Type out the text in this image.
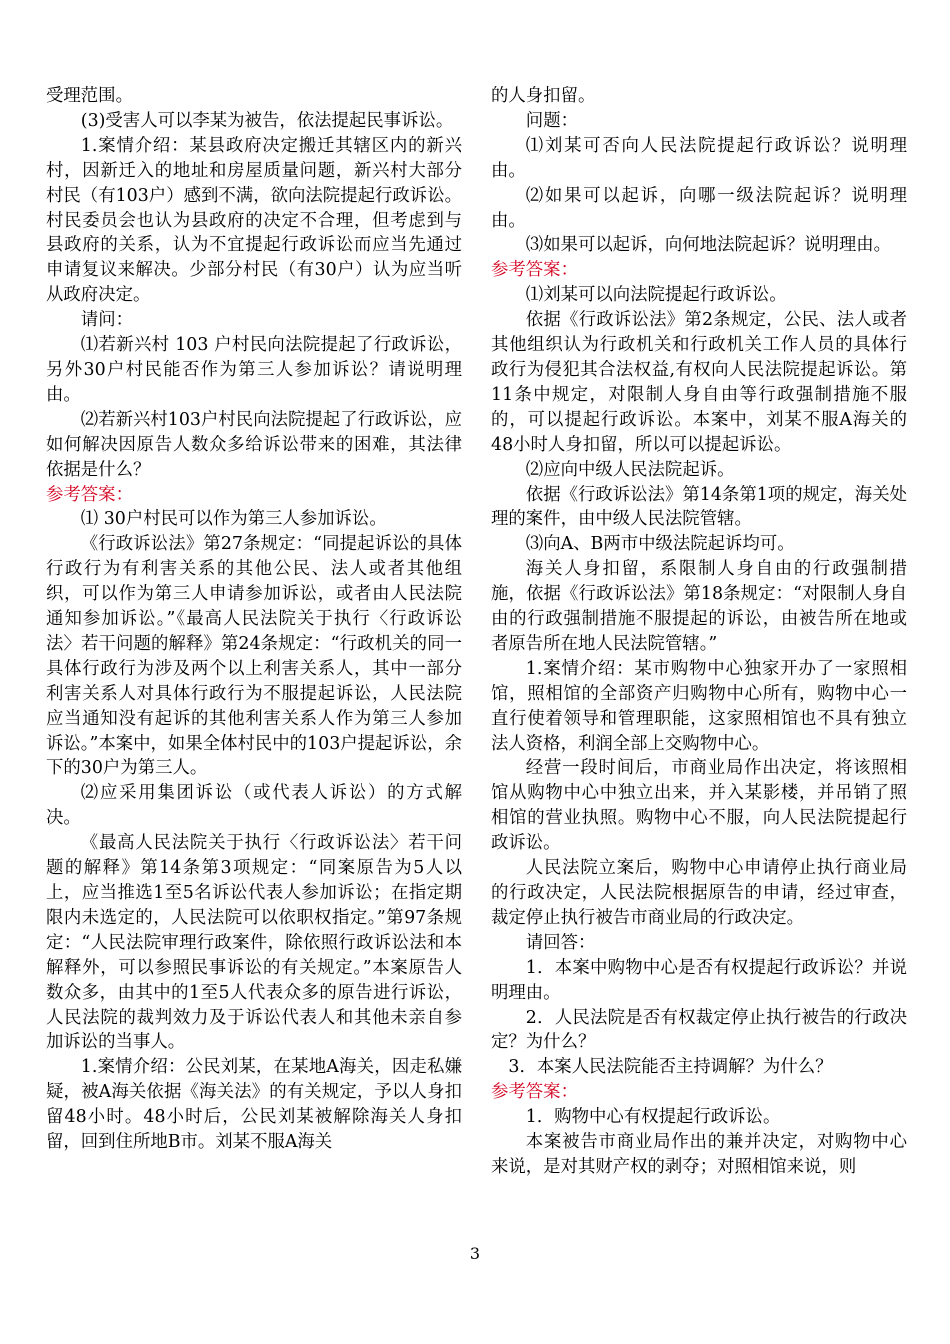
受理范围。

(3)受害人可以李某为被告，依法提起民事诉讼。

1.案情介绍：某县政府决定搬迁其辖区内的新兴村，因新迁入的地址和房屋质量问题，新兴村大部分村民（有103户）感到不满，欲向法院提起行政诉讼。村民委员会也认为县政府的决定不合理，但考虑到与县政府的关系，认为不宜提起行政诉讼而应当先通过申请复议来解决。少部分村民（有30户）认为应当听从政府决定。

请问：

⑴若新兴村 103 户村民向法院提起了行政诉讼，另外30户村民能否作为第三人参加诉讼？请说明理由。

⑵若新兴村103户村民向法院提起了行政诉讼，应如何解决因原告人数众多给诉讼带来的困难，其法律依据是什么？

参考答案：

⑴ 30户村民可以作为第三人参加诉讼。

《行政诉讼法》第27条规定：“同提起诉讼的具体行政行为有利害关系的其他公民、法人或者其他组织，可以作为第三人申请参加诉讼，或者由人民法院通知参加诉讼。”《最高人民法院关于执行〈行政诉讼法〉若干问题的解释》第24条规定：“行政机关的同一具体行政行为涉及两个以上利害关系人，其中一部分利害关系人对具体行政行为不服提起诉讼，人民法院应当通知没有起诉的其他利害关系人作为第三人参加诉讼。”本案中，如果全体村民中的103户提起诉讼，余下的30户为第三人。

⑵应采用集团诉讼（或代表人诉讼）的方式解决。

《最高人民法院关于执行〈行政诉讼法〉若干问题的解释》第14条第3项规定：“同案原告为5人以上，应当推选1至5名诉讼代表人参加诉讼；在指定期限内未选定的，人民法院可以依职权指定。”第97条规定：“人民法院审理行政案件，除依照行政诉讼法和本解释外，可以参照民事诉讼的有关规定。”本案原告人数众多，由其中的1至5人代表众多的原告进行诉讼，人民法院的裁判效力及于诉讼代表人和其他未亲自参加诉讼的当事人。

1.案情介绍：公民刘某，在某地A海关，因走私嫌疑，被A海关依据《海关法》的有关规定，予以人身扣留48小时。48小时后，公民刘某被解除海关人身扣留，回到住所地B市。刘某不服A海关

的人身扣留。

问题：

⑴刘某可否向人民法院提起行政诉讼？说明理由。

⑵如果可以起诉，向哪一级法院起诉？说明理由。

⑶如果可以起诉，向何地法院起诉？说明理由。

参考答案：

⑴刘某可以向法院提起行政诉讼。

依据《行政诉讼法》第2条规定，公民、法人或者其他组织认为行政机关和行政机关工作人员的具体行政行为侵犯其合法权益,有权向人民法院提起诉讼。第11条中规定，对限制人身自由等行政强制措施不服的，可以提起行政诉讼。本案中，刘某不服A海关的48小时人身扣留，所以可以提起诉讼。

⑵应向中级人民法院起诉。

依据《行政诉讼法》第14条第1项的规定，海关处理的案件，由中级人民法院管辖。

⑶向A、B两市中级法院起诉均可。

海关人身扣留，系限制人身自由的行政强制措施，依据《行政诉讼法》第18条规定：“对限制人身自由的行政强制措施不服提起的诉讼，由被告所在地或者原告所在地人民法院管辖。”

1.案情介绍：某市购物中心独家开办了一家照相馆，照相馆的全部资产归购物中心所有，购物中心一直行使着领导和管理职能，这家照相馆也不具有独立法人资格，利润全部上交购物中心。

经营一段时间后，市商业局作出决定，将该照相馆从购物中心中独立出来，并入某影楼，并吊销了照相馆的营业执照。购物中心不服，向人民法院提起行政诉讼。

人民法院立案后，购物中心申请停止执行商业局的行政决定，人民法院根据原告的申请，经过审查，裁定停止执行被告市商业局的行政决定。

请回答：

1．本案中购物中心是否有权提起行政诉讼？并说明理由。

2．人民法院是否有权裁定停止执行被告的行政决定？为什么？

3．本案人民法院能否主持调解？为什么？

参考答案：

1．购物中心有权提起行政诉讼。

本案被告市商业局作出的兼并决定，对购物中心来说，是对其财产权的剥夺；对照相馆来说，则

3
